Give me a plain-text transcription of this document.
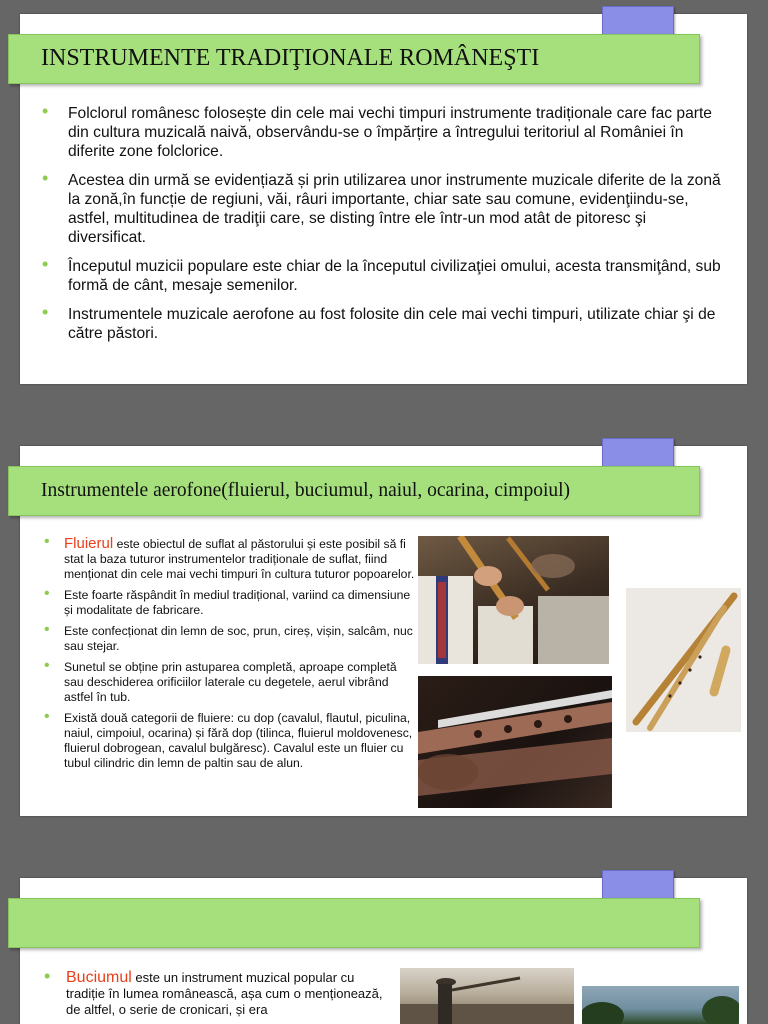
INSTRUMENTE TRADIŢIONALE ROMÂNEŞTI
• Folclorul românesc folosește din cele mai vechi timpuri instrumente tradiționale care fac parte din cultura muzicală naivă, observându-se o împărțire a întregului teritoriul al României în diferite zone folclorice.
• Acestea din urmă se evidențiază și prin utilizarea unor instrumente muzicale diferite de la zonă la zonă,în funcție de regiuni, văi, râuri importante, chiar sate sau comune, evidenţiindu-se, astfel, multitudinea de tradiţii care, se disting între ele într-un mod atât de pitoresc şi diversificat.
• Începutul muzicii populare este chiar de la începutul civilizaţiei omului, acesta transmiţând, sub formă de cânt, mesaje semenilor.
• Instrumentele muzicale aerofone au fost folosite din cele mai vechi timpuri, utilizate chiar şi de către păstori.
Instrumentele aerofone(fluierul, buciumul, naiul, ocarina, cimpoiul)
• Fluierul este obiectul de suflat al păstorului și este posibil să fi stat la baza tuturor instrumentelor tradiționale de suflat, fiind menționat din cele mai vechi timpuri în cultura tuturor popoarelor.
• Este foarte răspândit în mediul tradițional, variind ca dimensiune și modalitate de fabricare.
• Este confecționat din lemn de soc, prun, cireș, vișin, salcâm, nuc sau stejar.
• Sunetul se obține prin astuparea completă, aproape completă sau deschiderea orificiilor laterale cu degetele, aerul vibrând astfel în tub.
• Există două categorii de fluiere: cu dop (cavalul, flautul, piculina, naiul, cimpoiul, ocarina) și fără dop (tilinca, fluierul moldovenesc, fluierul dobrogean, cavalul bulgăresc). Cavalul este un fluier cu tubul cilindric din lemn de paltin sau de alun.
• Buciumul este un instrument muzical popular cu tradiție în lumea românească, așa cum o menționează, de altfel, o serie de cronicari, și era
